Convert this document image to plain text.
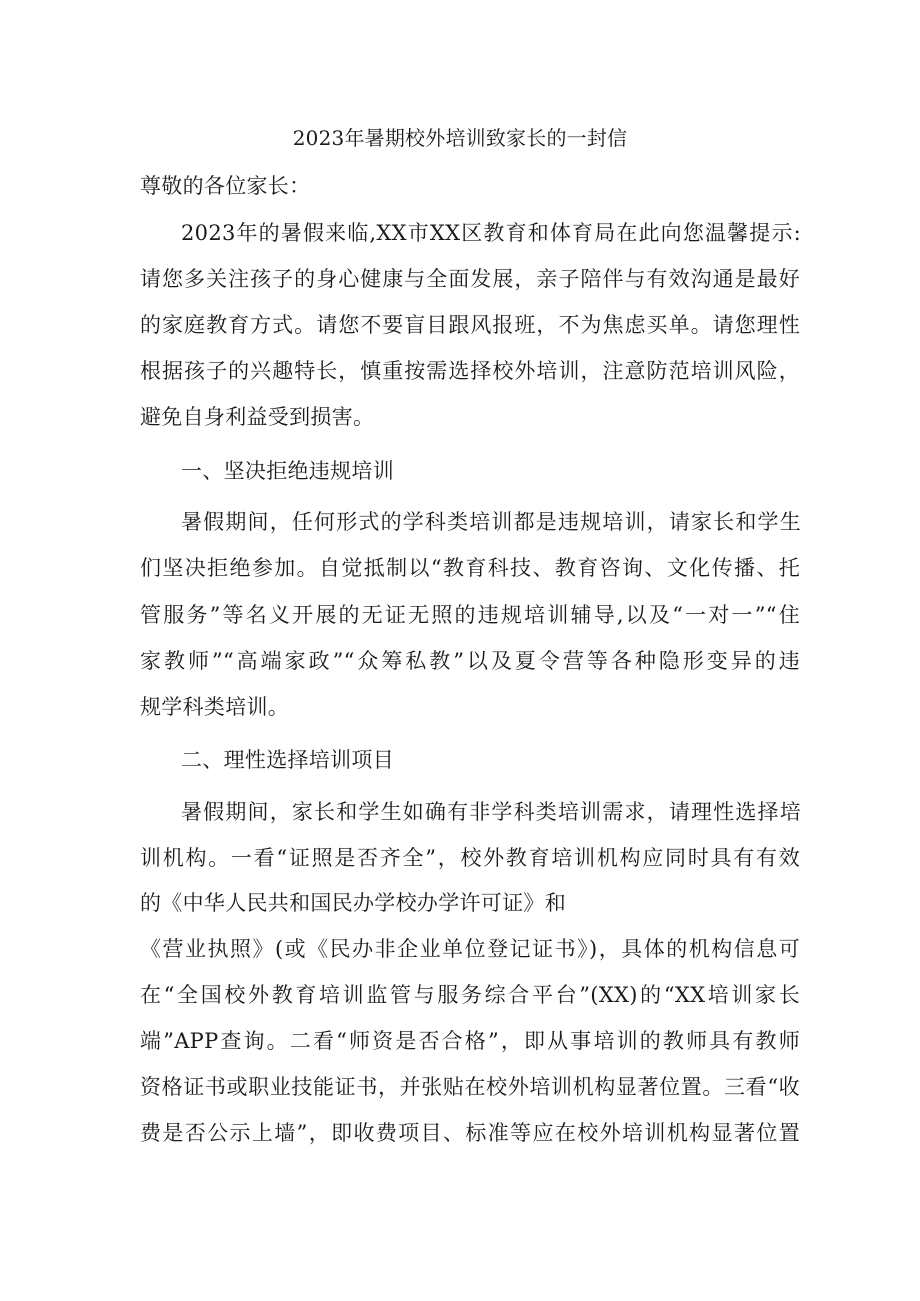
2023年暑期校外培训致家长的一封信
尊敬的各位家长：
2023年的暑假来临,XX市XX区教育和体育局在此向您温馨提示:
请您多关注孩子的身心健康与全面发展，亲子陪伴与有效沟通是最好
的家庭教育方式。请您不要盲目跟风报班，不为焦虑买单。请您理性
根据孩子的兴趣特长，慎重按需选择校外培训，注意防范培训风险，
避免自身利益受到损害。
一、坚决拒绝违规培训
暑假期间，任何形式的学科类培训都是违规培训，请家长和学生
们坚决拒绝参加。自觉抵制以“教育科技、教育咨询、文化传播、托
管服务”等名义开展的无证无照的违规培训辅导,以及“一对一”“住
家教师”“高端家政”“众筹私教”以及夏令营等各种隐形变异的违
规学科类培训。
二、理性选择培训项目
暑假期间，家长和学生如确有非学科类培训需求，请理性选择培
训机构。一看“证照是否齐全”，校外教育培训机构应同时具有有效
的《中华人民共和国民办学校办学许可证》和
《营业执照》(或《民办非企业单位登记证书》)，具体的机构信息可
在“全国校外教育培训监管与服务综合平台”(XX)的“XX培训家长
端”APP查询。二看“师资是否合格”，即从事培训的教师具有教师
资格证书或职业技能证书，并张贴在校外培训机构显著位置。三看“收
费是否公示上墙”，即收费项目、标准等应在校外培训机构显著位置
